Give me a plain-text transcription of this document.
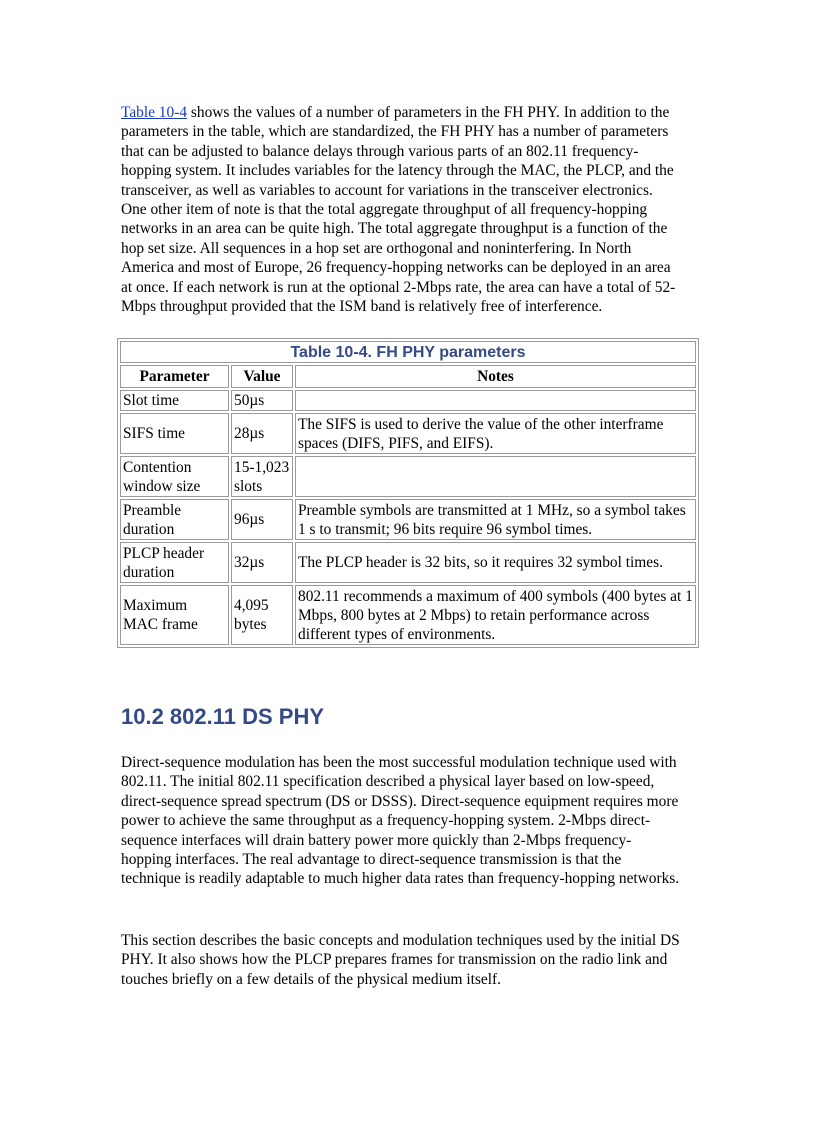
Table 10-4 shows the values of a number of parameters in the FH PHY. In addition to the parameters in the table, which are standardized, the FH PHY has a number of parameters that can be adjusted to balance delays through various parts of an 802.11 frequency-hopping system. It includes variables for the latency through the MAC, the PLCP, and the transceiver, as well as variables to account for variations in the transceiver electronics. One other item of note is that the total aggregate throughput of all frequency-hopping networks in an area can be quite high. The total aggregate throughput is a function of the hop set size. All sequences in a hop set are orthogonal and noninterfering. In North America and most of Europe, 26 frequency-hopping networks can be deployed in an area at once. If each network is run at the optional 2-Mbps rate, the area can have a total of 52-Mbps throughput provided that the ISM band is relatively free of interference.

Table 10-4. FH PHY parameters		
Parameter	Value	Notes
Slot time	50µs	
SIFS time	28µs	The SIFS is used to derive the value of the other interframe spaces (DIFS, PIFS, and EIFS).
Contention window size	15-1,023 slots	
Preamble duration	96µs	Preamble symbols are transmitted at 1 MHz, so a symbol takes 1 s to transmit; 96 bits require 96 symbol times.
PLCP header duration	32µs	The PLCP header is 32 bits, so it requires 32 symbol times.
Maximum MAC frame	4,095 bytes	802.11 recommends a maximum of 400 symbols (400 bytes at 1 Mbps, 800 bytes at 2 Mbps) to retain performance across different types of environments.
10.2 802.11 DS PHY

Direct-sequence modulation has been the most successful modulation technique used with 802.11. The initial 802.11 specification described a physical layer based on low-speed, direct-sequence spread spectrum (DS or DSSS). Direct-sequence equipment requires more power to achieve the same throughput as a frequency-hopping system. 2-Mbps direct-sequence interfaces will drain battery power more quickly than 2-Mbps frequency-hopping interfaces. The real advantage to direct-sequence transmission is that the technique is readily adaptable to much higher data rates than frequency-hopping networks.

This section describes the basic concepts and modulation techniques used by the initial DS PHY. It also shows how the PLCP prepares frames for transmission on the radio link and touches briefly on a few details of the physical medium itself.
